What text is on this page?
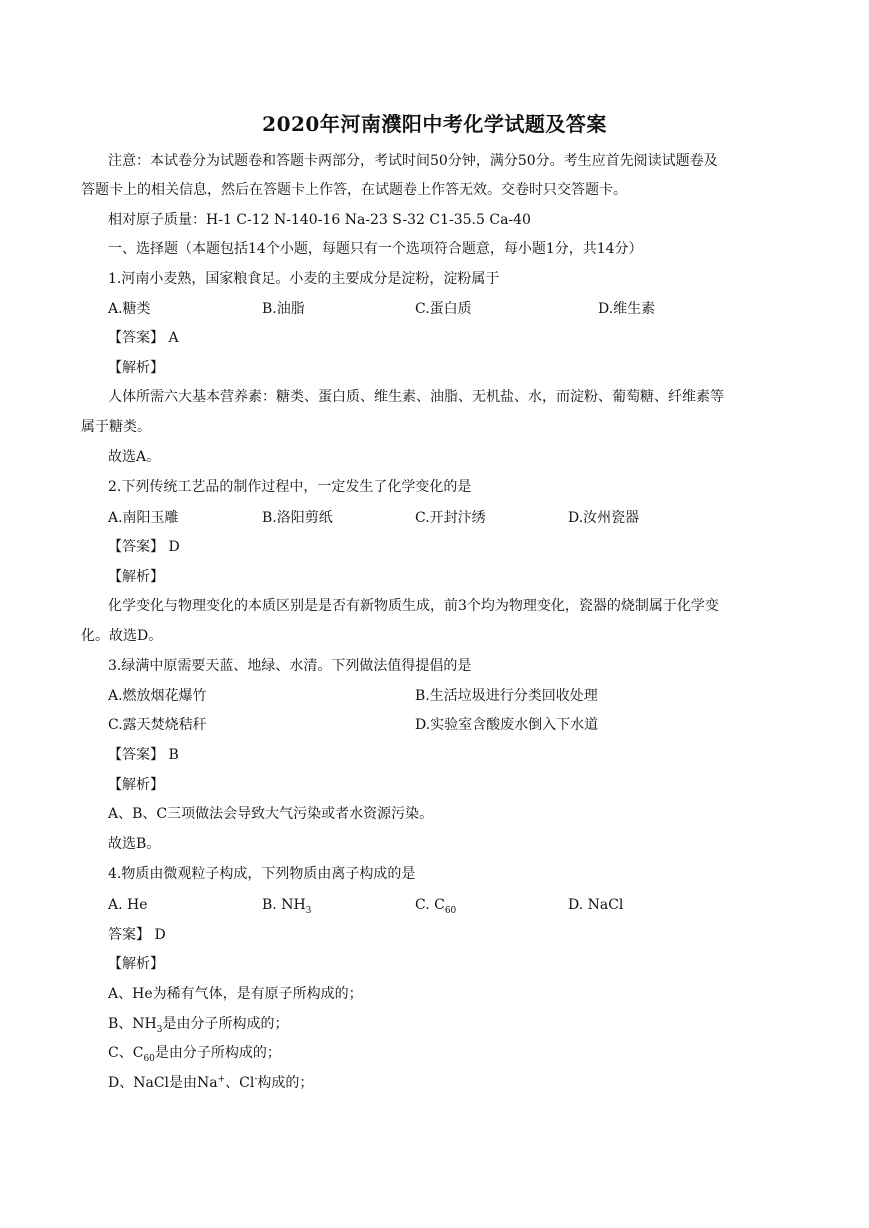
2020年河南濮阳中考化学试题及答案
注意：本试卷分为试题卷和答题卡两部分，考试时间50分钟，满分50分。考生应首先阅读试题卷及
答题卡上的相关信息，然后在答题卡上作答，在试题卷上作答无效。交卷时只交答题卡。
相对原子质量：H-1 C-12 N-140-16 Na-23 S-32 C1-35.5 Ca-40
一、选择题（本题包括14个小题，每题只有一个选项符合题意，每小题1分，共14分）
1.河南小麦熟，国家粮食足。小麦的主要成分是淀粉，淀粉属于
A.糖类	B.油脂	C.蛋白质	D.维生素
【答案】 A
【解析】
人体所需六大基本营养素：糖类、蛋白质、维生素、油脂、无机盐、水，而淀粉、葡萄糖、纤维素等
属于糖类。
故选A。
2.下列传统工艺品的制作过程中，一定发生了化学变化的是
A.南阳玉雕	B.洛阳剪纸	C.开封汴绣	D.汝州瓷器
【答案】 D
【解析】
化学变化与物理变化的本质区别是是否有新物质生成，前3个均为物理变化，瓷器的烧制属于化学变
化。故选D。
3.绿满中原需要天蓝、地绿、水清。下列做法值得提倡的是
A.燃放烟花爆竹	B.生活垃圾进行分类回收处理
C.露天焚烧秸秆	D.实验室含酸废水倒入下水道
【答案】 B
【解析】
A、B、C三项做法会导致大气污染或者水资源污染。
故选B。
4.物质由微观粒子构成，下列物质由离子构成的是
A. He	B. $NH_3$	C. $C_{60}$	D. NaCl
答案】 D
【解析】
A、He为稀有气体，是有原子所构成的；
B、$NH_3$是由分子所构成的；
C、$C_{60}$是由分子所构成的；
D、NaCl是由Na+、Cl-构成的；
